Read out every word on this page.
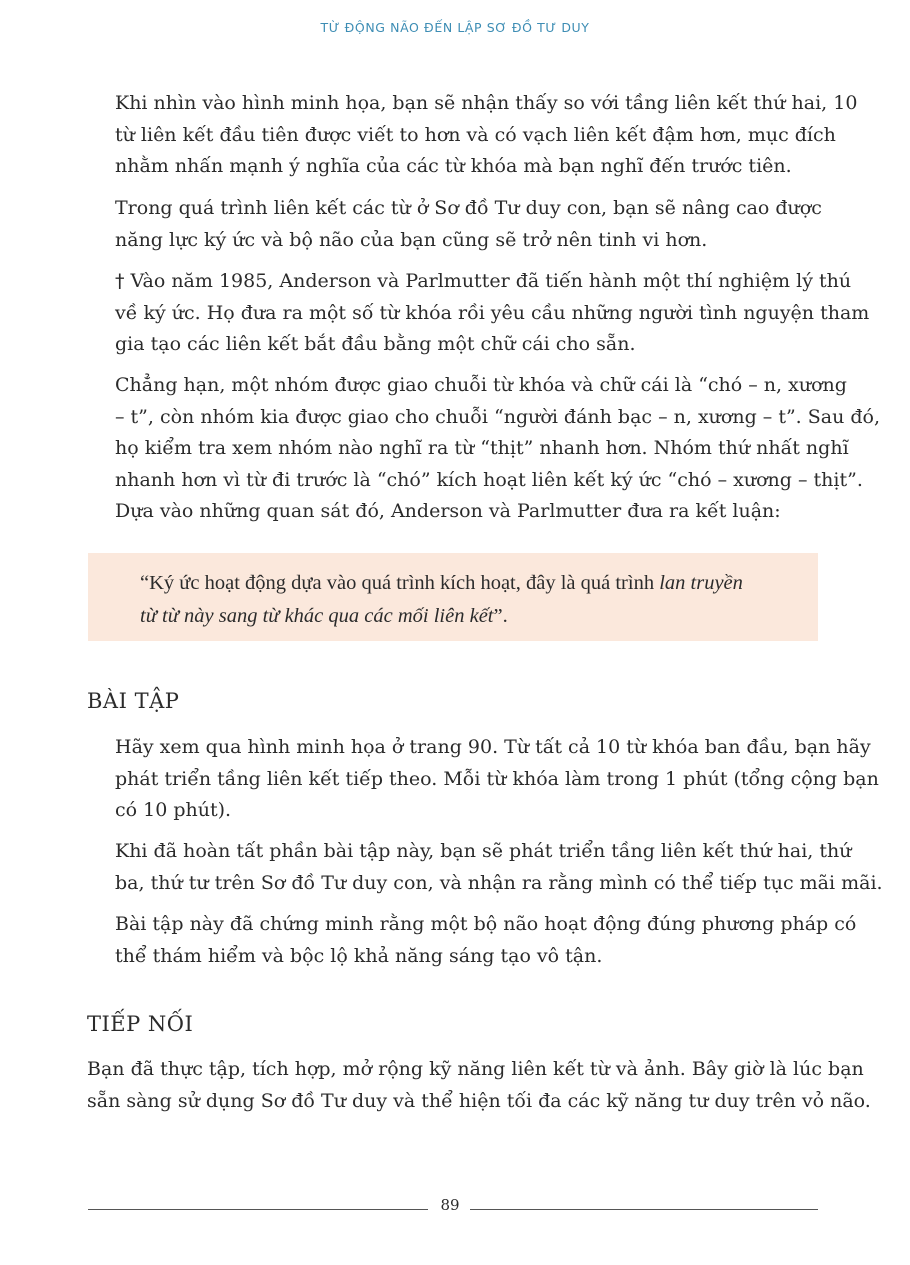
TỪ ĐỘNG NÃO ĐẾN LẬP SƠ ĐỒ TƯ DUY

Khi nhìn vào hình minh họa, bạn sẽ nhận thấy so với tầng liên kết thứ hai, 10
từ liên kết đầu tiên được viết to hơn và có vạch liên kết đậm hơn, mục đích
nhằm nhấn mạnh ý nghĩa của các từ khóa mà bạn nghĩ đến trước tiên.

Trong quá trình liên kết các từ ở Sơ đồ Tư duy con, bạn sẽ nâng cao được
năng lực ký ức và bộ não của bạn cũng sẽ trở nên tinh vi hơn.

† Vào năm 1985, Anderson và Parlmutter đã tiến hành một thí nghiệm lý thú
về ký ức. Họ đưa ra một số từ khóa rồi yêu cầu những người tình nguyện tham
gia tạo các liên kết bắt đầu bằng một chữ cái cho sẵn.

Chẳng hạn, một nhóm được giao chuỗi từ khóa và chữ cái là “chó – n, xương
– t”, còn nhóm kia được giao cho chuỗi “người đánh bạc – n, xương – t”. Sau đó,
họ kiểm tra xem nhóm nào nghĩ ra từ “thịt” nhanh hơn. Nhóm thứ nhất nghĩ
nhanh hơn vì từ đi trước là “chó” kích hoạt liên kết ký ức “chó – xương – thịt”.
Dựa vào những quan sát đó, Anderson và Parlmutter đưa ra kết luận:

“Ký ức hoạt động dựa vào quá trình kích hoạt, đây là quá trình lan truyền
từ từ này sang từ khác qua các mối liên kết”.

BÀI TẬP

Hãy xem qua hình minh họa ở trang 90. Từ tất cả 10 từ khóa ban đầu, bạn hãy
phát triển tầng liên kết tiếp theo. Mỗi từ khóa làm trong 1 phút (tổng cộng bạn
có 10 phút).

Khi đã hoàn tất phần bài tập này, bạn sẽ phát triển tầng liên kết thứ hai, thứ
ba, thứ tư trên Sơ đồ Tư duy con, và nhận ra rằng mình có thể tiếp tục mãi mãi.

Bài tập này đã chứng minh rằng một bộ não hoạt động đúng phương pháp có
thể thám hiểm và bộc lộ khả năng sáng tạo vô tận.

TIẾP NỐI

Bạn đã thực tập, tích hợp, mở rộng kỹ năng liên kết từ và ảnh. Bây giờ là lúc bạn
sẵn sàng sử dụng Sơ đồ Tư duy và thể hiện tối đa các kỹ năng tư duy trên vỏ não.

89
